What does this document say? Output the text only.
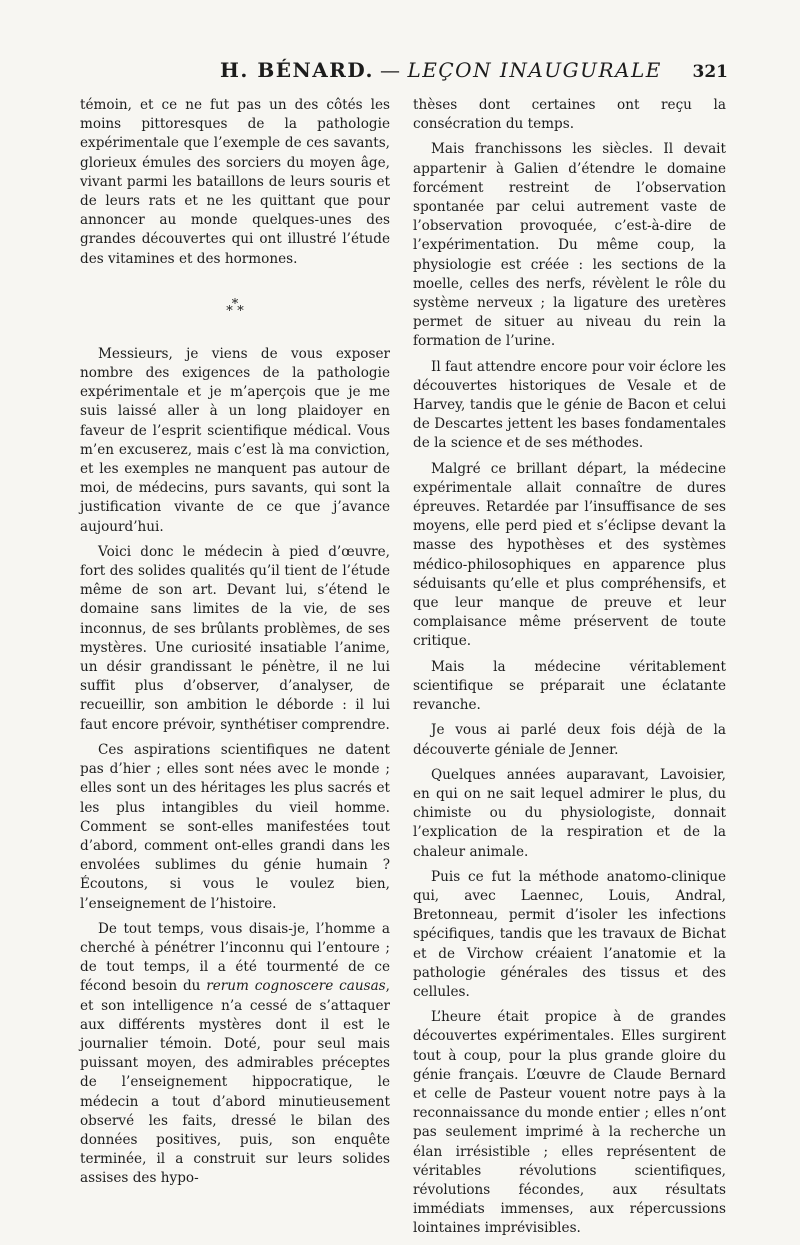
H. BÉNARD. — LEÇON INAUGURALE 321

témoin, et ce ne fut pas un des côtés les moins pittoresques de la pathologie expérimentale que l’exemple de ces savants, glorieux émules des sorciers du moyen âge, vivant parmi les bataillons de leurs souris et de leurs rats et ne les quittant que pour annoncer au monde quelques-unes des grandes découvertes qui ont illustré l’étude des vitamines et des hormones.

***

Messieurs, je viens de vous exposer nombre des exigences de la pathologie expérimentale et je m’aperçois que je me suis laissé aller à un long plaidoyer en faveur de l’esprit scientifique médical. Vous m’en excuserez, mais c’est là ma conviction, et les exemples ne manquent pas autour de moi, de médecins, purs savants, qui sont la justification vivante de ce que j’avance aujourd’hui.

Voici donc le médecin à pied d’œuvre, fort des solides qualités qu’il tient de l’étude même de son art. Devant lui, s’étend le domaine sans limites de la vie, de ses inconnus, de ses brûlants problèmes, de ses mystères. Une curiosité insatiable l’anime, un désir grandissant le pénètre, il ne lui suffit plus d’observer, d’analyser, de recueillir, son ambition le déborde : il lui faut encore prévoir, synthétiser comprendre.

Ces aspirations scientifiques ne datent pas d’hier ; elles sont nées avec le monde ; elles sont un des héritages les plus sacrés et les plus intangibles du vieil homme. Comment se sont-elles manifestées tout d’abord, comment ont-elles grandi dans les envolées sublimes du génie humain ? Écoutons, si vous le voulez bien, l’enseignement de l’histoire.

De tout temps, vous disais-je, l’homme a cherché à pénétrer l’inconnu qui l’entoure ; de tout temps, il a été tourmenté de ce fécond besoin du rerum cognoscere causas, et son intelligence n’a cessé de s’attaquer aux différents mystères dont il est le journalier témoin. Doté, pour seul mais puissant moyen, des admirables préceptes de l’enseignement hippocratique, le médecin a tout d’abord minutieusement observé les faits, dressé le bilan des données positives, puis, son enquête terminée, il a construit sur leurs solides assises des hypo-

thèses dont certaines ont reçu la consécration du temps.

Mais franchissons les siècles. Il devait appartenir à Galien d’étendre le domaine forcément restreint de l’observation spontanée par celui autrement vaste de l’observation provoquée, c’est-à-dire de l’expérimentation. Du même coup, la physiologie est créée : les sections de la moelle, celles des nerfs, révèlent le rôle du système nerveux ; la ligature des uretères permet de situer au niveau du rein la formation de l’urine.

Il faut attendre encore pour voir éclore les découvertes historiques de Vesale et de Harvey, tandis que le génie de Bacon et celui de Descartes jettent les bases fondamentales de la science et de ses méthodes.

Malgré ce brillant départ, la médecine expérimentale allait connaître de dures épreuves. Retardée par l’insuffisance de ses moyens, elle perd pied et s’éclipse devant la masse des hypothèses et des systèmes médico-philosophiques en apparence plus séduisants qu’elle et plus compréhensifs, et que leur manque de preuve et leur complaisance même préservent de toute critique.

Mais la médecine véritablement scientifique se préparait une éclatante revanche.

Je vous ai parlé deux fois déjà de la découverte géniale de Jenner.

Quelques années auparavant, Lavoisier, en qui on ne sait lequel admirer le plus, du chimiste ou du physiologiste, donnait l’explication de la respiration et de la chaleur animale.

Puis ce fut la méthode anatomo-clinique qui, avec Laennec, Louis, Andral, Bretonneau, permit d’isoler les infections spécifiques, tandis que les travaux de Bichat et de Virchow créaient l’anatomie et la pathologie générales des tissus et des cellules.

L’heure était propice à de grandes découvertes expérimentales. Elles surgirent tout à coup, pour la plus grande gloire du génie français. L’œuvre de Claude Bernard et celle de Pasteur vouent notre pays à la reconnaissance du monde entier ; elles n’ont pas seulement imprimé à la recherche un élan irrésistible ; elles représentent de véritables révolutions scientifiques, révolutions fécondes, aux résultats immédiats immenses, aux répercussions lointaines imprévisibles.
